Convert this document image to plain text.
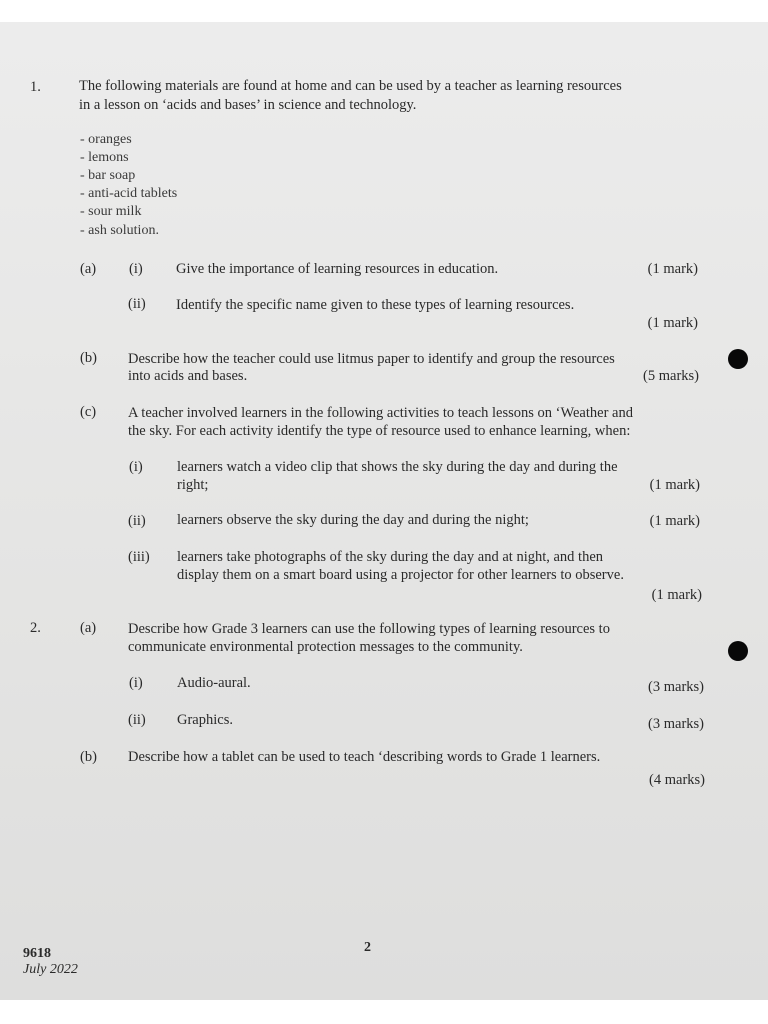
1.	The following materials are found at home and can be used by a teacher as learning resources
in a lesson on ‘acids and bases’ in science and technology.
- oranges
- lemons
- bar soap
- anti-acid tablets
- sour milk
- ash solution.
(a) (i) Give the importance of learning resources in education.	(1 mark)
(ii) Identify the specific name given to these types of learning resources.
(1 mark)
(b) Describe how the teacher could use litmus paper to identify and group the resources
into acids and bases.	(5 marks)
(c) A teacher involved learners in the following activities to teach lessons on ‘Weather and
the sky. For each activity identify the type of resource used to enhance learning, when:
(i) learners watch a video clip that shows the sky during the day and during the
right;	(1 mark)
(ii) learners observe the sky during the day and during the night;	(1 mark)
(iii) learners take photographs of the sky during the day and at night, and then
display them on a smart board using a projector for other learners to observe.
(1 mark)
2.	(a) Describe how Grade 3 learners can use the following types of learning resources to
communicate environmental protection messages to the community.
(i) Audio-aural.	(3 marks)
(ii) Graphics.	(3 marks)
(b) Describe how a tablet can be used to teach ‘describing words to Grade 1 learners.
(4 marks)
9618
July 2022
2
